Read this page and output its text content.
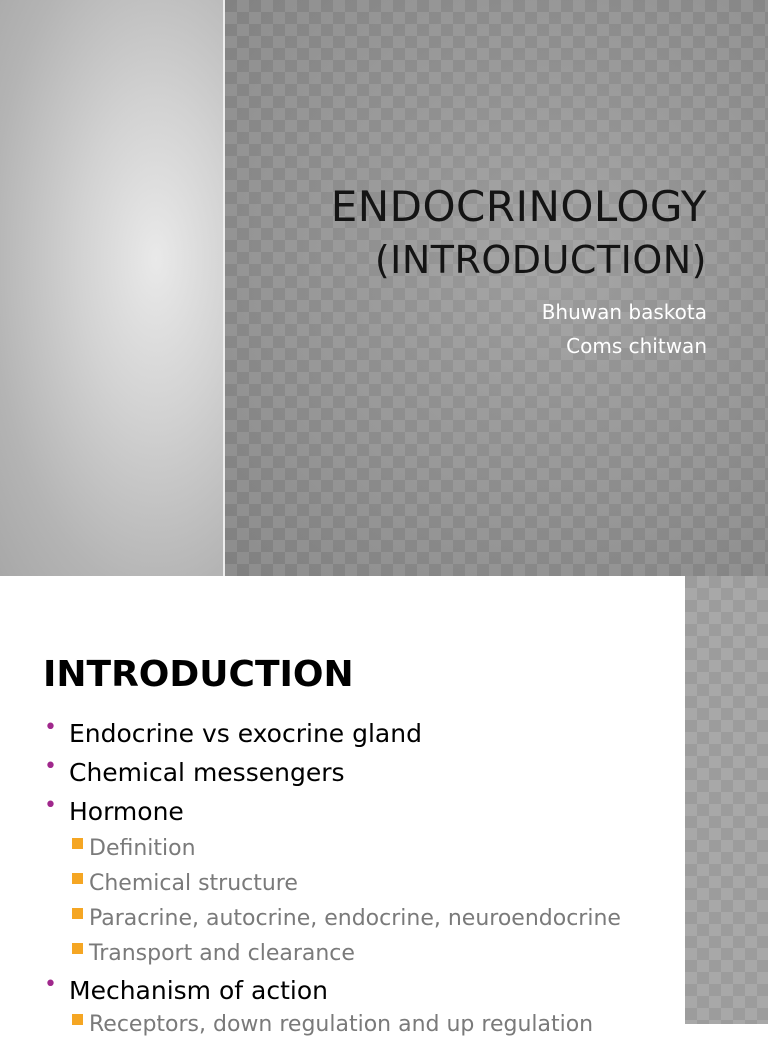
ENDOCRINOLOGY
(INTRODUCTION)
Bhuwan baskota
Coms chitwan
INTRODUCTION
• Endocrine vs exocrine gland
• Chemical messengers
• Hormone
Definition
Chemical structure
Paracrine, autocrine, endocrine, neuroendocrine
Transport and clearance
• Mechanism of action
Receptors, down regulation and up regulation
